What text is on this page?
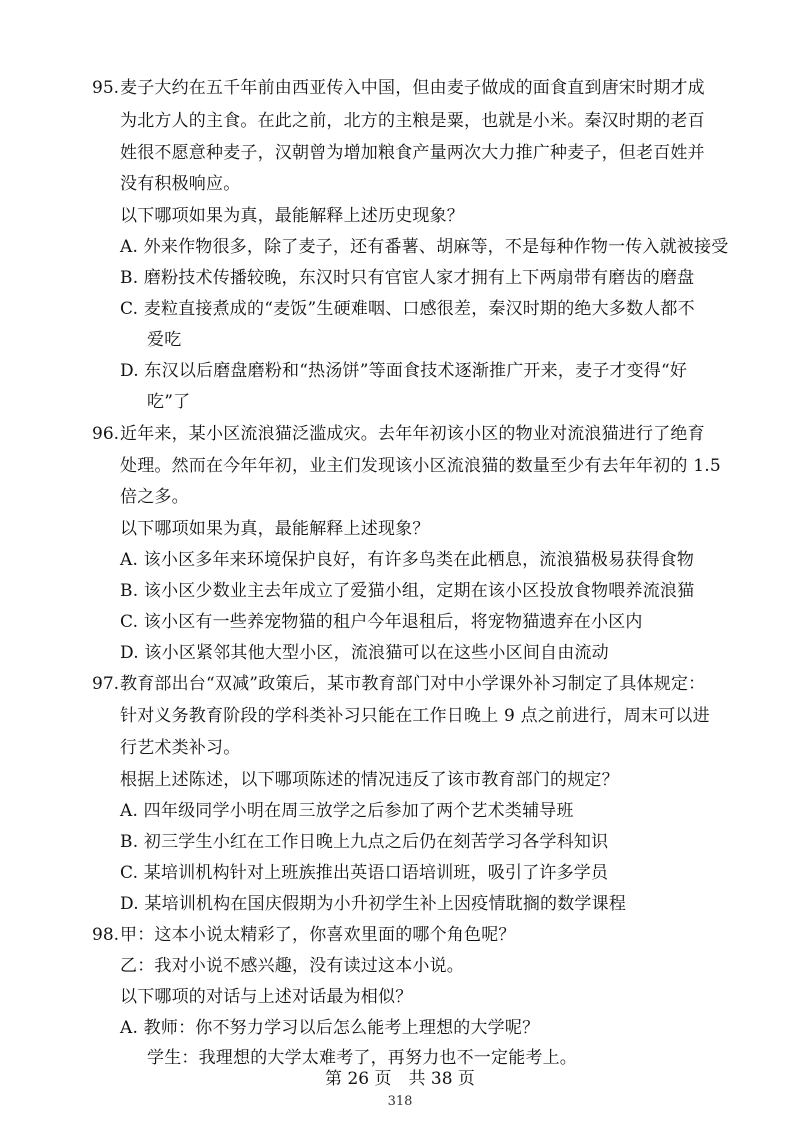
95. 麦子大约在五千年前由西亚传入中国，但由麦子做成的面食直到唐宋时期才成
为北方人的主食。在此之前，北方的主粮是粟，也就是小米。秦汉时期的老百
姓很不愿意种麦子，汉朝曾为增加粮食产量两次大力推广种麦子，但老百姓并
没有积极响应。
以下哪项如果为真，最能解释上述历史现象？
A. 外来作物很多，除了麦子，还有番薯、胡麻等，不是每种作物一传入就被接受
B. 磨粉技术传播较晚，东汉时只有官宦人家才拥有上下两扇带有磨齿的磨盘
C. 麦粒直接煮成的“麦饭”生硬难咽、口感很差，秦汉时期的绝大多数人都不
爱吃
D. 东汉以后磨盘磨粉和“热汤饼”等面食技术逐渐推广开来，麦子才变得“好
吃”了
96. 近年来，某小区流浪猫泛滥成灾。去年年初该小区的物业对流浪猫进行了绝育
处理。然而在今年年初，业主们发现该小区流浪猫的数量至少有去年年初的 1.5
倍之多。
以下哪项如果为真，最能解释上述现象？
A. 该小区多年来环境保护良好，有许多鸟类在此栖息，流浪猫极易获得食物
B. 该小区少数业主去年成立了爱猫小组，定期在该小区投放食物喂养流浪猫
C. 该小区有一些养宠物猫的租户今年退租后，将宠物猫遗弃在小区内
D. 该小区紧邻其他大型小区，流浪猫可以在这些小区间自由流动
97. 教育部出台“双减”政策后，某市教育部门对中小学课外补习制定了具体规定：
针对义务教育阶段的学科类补习只能在工作日晚上 9 点之前进行，周末可以进
行艺术类补习。
根据上述陈述，以下哪项陈述的情况违反了该市教育部门的规定？
A. 四年级同学小明在周三放学之后参加了两个艺术类辅导班
B. 初三学生小红在工作日晚上九点之后仍在刻苦学习各学科知识
C. 某培训机构针对上班族推出英语口语培训班，吸引了许多学员
D. 某培训机构在国庆假期为小升初学生补上因疫情耽搁的数学课程
98. 甲：这本小说太精彩了，你喜欢里面的哪个角色呢？
乙：我对小说不感兴趣，没有读过这本小说。
以下哪项的对话与上述对话最为相似？
A. 教师：你不努力学习以后怎么能考上理想的大学呢？
学生：我理想的大学太难考了，再努力也不一定能考上。
第 26 页　共 38 页
318
